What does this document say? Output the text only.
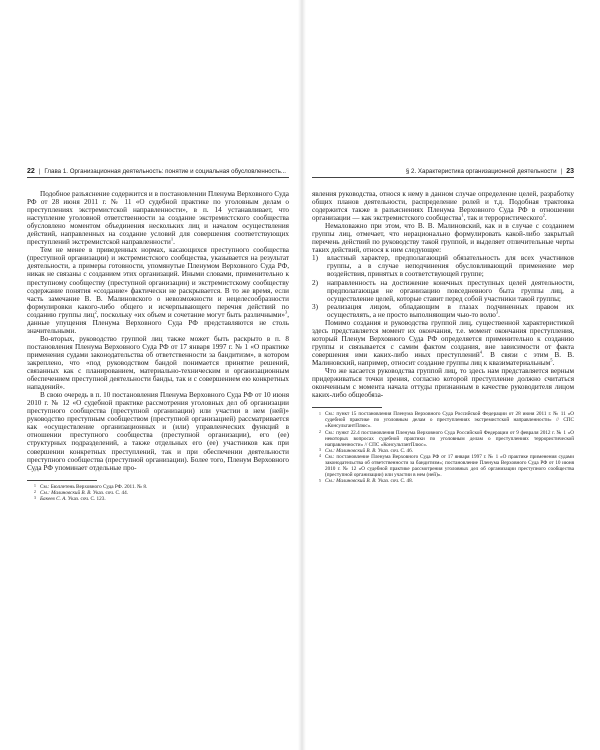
22 | Глава 1. Организационная деятельность: понятие и социальная обусловленность...

Подобное разъяснение содержится и в постановлении Пленума Верховного Суда РФ от 28 июня 2011 г. № 11 «О судебной практике по уголовным делам о преступлениях экстремистской направленности», в п. 14 устанавливает, что наступление уголовной ответственности за создание экстремистского сообщества обусловлено моментом объединения нескольких лиц и началом осуществления действий, направленных на создание условий для совершения соответствующих преступлений экстремистской направленности$^1$.

Тем не менее в приведенных нормах, касающихся преступного сообщества (преступной организации) и экстремистского сообщества, указывается на результат деятельности, а примеры готовности, упомянутые Пленумом Верховного Суда РФ, никак не связаны с созданием этих организаций. Иными словами, применительно к преступному сообществу (преступной организации) и экстремистскому сообществу содержание понятия «создание» фактически не раскрывается. В то же время, если часть замечание В. В. Малиновского о невозможности и нецелесообразности формулировки какого-либо общего и исчерпывающего перечня действий по созданию группы лиц$^2$, поскольку «их объем и сочетание могут быть различными»$^3$, данные упущения Пленума Верховного Суда РФ представляются не столь значительными.

Во-вторых, руководство группой лиц также может быть раскрыто в п. 8 постановления Пленума Верховного Суда РФ от 17 января 1997 г. № 1 «О практике применения судами законодательства об ответственности за бандитизм», в котором закреплено, что «под руководством бандой понимается принятие решений, связанных как с планированием, материально-техническим и организационным обеспечением преступной деятельности банды, так и с совершением ею конкретных нападений».

В свою очередь в п. 10 постановления Пленума Верховного Суда РФ от 10 июня 2010 г. № 12 «О судебной практике рассмотрения уголовных дел об организации преступного сообщества (преступной организации) или участии в нем (ней)» руководство преступным сообществом (преступной организацией) рассматривается как «осуществление организационных и (или) управленческих функций в отношении преступного сообщества (преступной организации), его (ее) структурных подразделений, а также отдельных его (ее) участников как при совершении конкретных преступлений, так и при обеспечении деятельности преступного сообщества (преступной организации). Более того, Пленум Верховного Суда РФ упоминает отдельные про-

1 См.: Бюллетень Верховного Суда РФ. 2011. № 8.

2 См.: Малиновский В. В. Указ. соч. С. 44.

3 Бакеев С. А. Указ. соч. С. 123.

§ 2. Характеристика организационной деятельности | 23

явления руководства, относя к нему в данном случае определение целей, разработку общих планов деятельности, распределение ролей и т.д. Подобная трактовка содержится также в разъяснениях Пленума Верховного Суда РФ в отношении организации — как экстремистского сообщества$^1$, так и террористического$^2$.

Немаловажно при этом, что В. В. Малиновский, как и в случае с созданием группы лиц, отмечает, что нерационально формулировать какой-либо закрытый перечень действий по руководству такой группой, и выделяет отличительные черты таких действий, относя к ним следующее:

1) властный характер, предполагающий обязательность для всех участников группы, а в случае неподчинения обусловливающий применение мер воздействия, принятых в соответствующей группе;
2) направленность на достижение конечных преступных целей деятельности, предполагающая не организацию повседневного быта группы лиц, а осуществление целей, которые ставит перед собой участники такой группы;
3) реализация лицом, обладающим в глазах подчиненных правом их осуществлять, а не просто выполняющим чью-то волю$^3$.

Помимо создания и руководства группой лиц, существенной характеристикой здесь представляется момент их окончания, т.е. момент окончания преступления, который Пленум Верховного Суда РФ определяется применительно к созданию группы и связывается с самим фактом создания, вне зависимости от факта совершения ими каких-либо иных преступлений$^4$. В связи с этим В. В. Малиновский, например, относит создание группы лиц к квазиматериальным$^5$.

Что же касается руководства группой лиц, то здесь нам представляется верным придерживаться точки зрения, согласно которой преступление должно считаться оконченным с момента начала оттуды признанным в качестве руководителя лицом каких-либо общеобяза-

1 См.: пункт 15 постановления Пленума Верховного Суда Российской Федерации от 28 июня 2011 г. № 11 «О судебной практике по уголовным делам о преступлениях экстремистской направленности» // СПС «КонсультантПлюс».

2 См.: пункт 22.4 постановления Пленума Верховного Суда Российской Федерации от 9 февраля 2012 г. № 1 «О некоторых вопросах судебной практики по уголовным делам о преступлениях террористической направленности» // СПС «КонсультантПлюс».

3 См.: Малиновский В. В. Указ. соч. С. 46.

4 См.: постановление Пленума Верховного Суда РФ от 17 января 1997 г. № 1 «О практике применения судами законодательства об ответственности за бандитизм»; постановление Пленума Верховного Суда РФ от 10 июня 2010 г. № 12 «О судебной практике рассмотрения уголовных дел об организации преступного сообщества (преступной организации) или участии в нем (ней)».

5 См.: Малиновский В. В. Указ. соч. С. 48.
